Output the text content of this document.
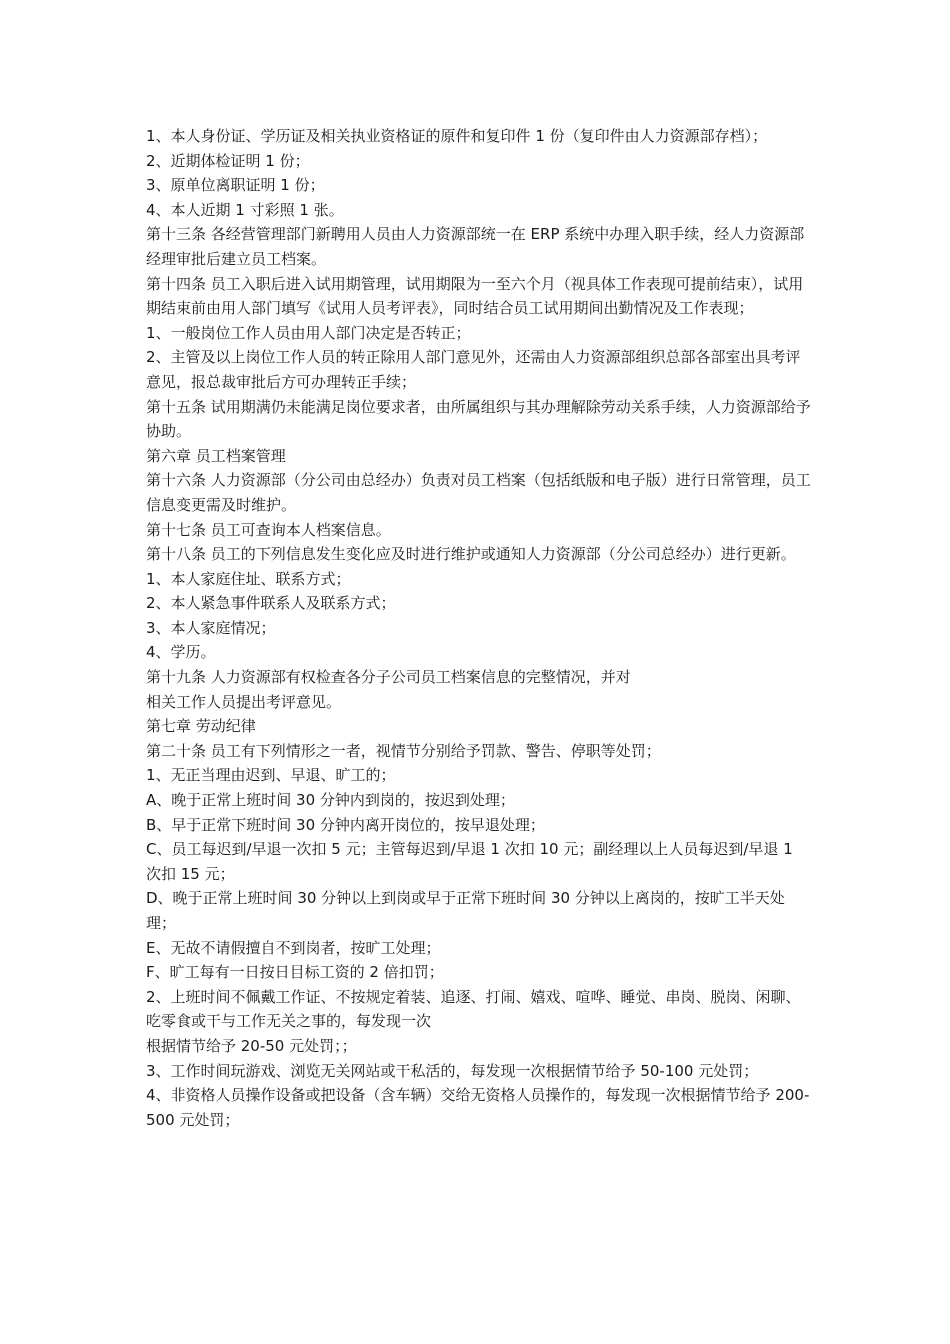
1、本人身份证、学历证及相关执业资格证的原件和复印件 1 份（复印件由人力资源部存档）；

2、近期体检证明 1 份；

3、原单位离职证明 1 份；

4、本人近期 1 寸彩照 1 张。

第十三条 各经营管理部门新聘用人员由人力资源部统一在 ERP 系统中办理入职手续，经人力资源部经理审批后建立员工档案。

第十四条 员工入职后进入试用期管理，试用期限为一至六个月（视具体工作表现可提前结束），试用期结束前由用人部门填写《试用人员考评表》，同时结合员工试用期间出勤情况及工作表现；

1、一般岗位工作人员由用人部门决定是否转正；

2、主管及以上岗位工作人员的转正除用人部门意见外，还需由人力资源部组织总部各部室出具考评意见，报总裁审批后方可办理转正手续；

第十五条 试用期满仍未能满足岗位要求者，由所属组织与其办理解除劳动关系手续，人力资源部给予协助。

第六章 员工档案管理

第十六条 人力资源部（分公司由总经办）负责对员工档案（包括纸版和电子版）进行日常管理，员工信息变更需及时维护。

第十七条 员工可查询本人档案信息。

第十八条 员工的下列信息发生变化应及时进行维护或通知人力资源部（分公司总经办）进行更新。

1、本人家庭住址、联系方式；

2、本人紧急事件联系人及联系方式；

3、本人家庭情况；

4、学历。

第十九条 人力资源部有权检查各分子公司员工档案信息的完整情况，并对

相关工作人员提出考评意见。

第七章 劳动纪律

第二十条 员工有下列情形之一者，视情节分别给予罚款、警告、停职等处罚；

1、无正当理由迟到、早退、旷工的；

A、晚于正常上班时间 30 分钟内到岗的，按迟到处理；

B、早于正常下班时间 30 分钟内离开岗位的，按早退处理；

C、员工每迟到/早退一次扣 5 元；主管每迟到/早退 1 次扣 10 元；副经理以上人员每迟到/早退 1 次扣 15 元；

D、晚于正常上班时间 30 分钟以上到岗或早于正常下班时间 30 分钟以上离岗的，按旷工半天处理；

E、无故不请假擅自不到岗者，按旷工处理；

F、旷工每有一日按日目标工资的 2 倍扣罚；

2、上班时间不佩戴工作证、不按规定着装、追逐、打闹、嬉戏、喧哗、睡觉、串岗、脱岗、闲聊、吃零食或干与工作无关之事的，每发现一次

根据情节给予 20-50 元处罚；；

3、工作时间玩游戏、浏览无关网站或干私活的，每发现一次根据情节给予 50-100 元处罚；

4、非资格人员操作设备或把设备（含车辆）交给无资格人员操作的，每发现一次根据情节给予 200-500 元处罚；
